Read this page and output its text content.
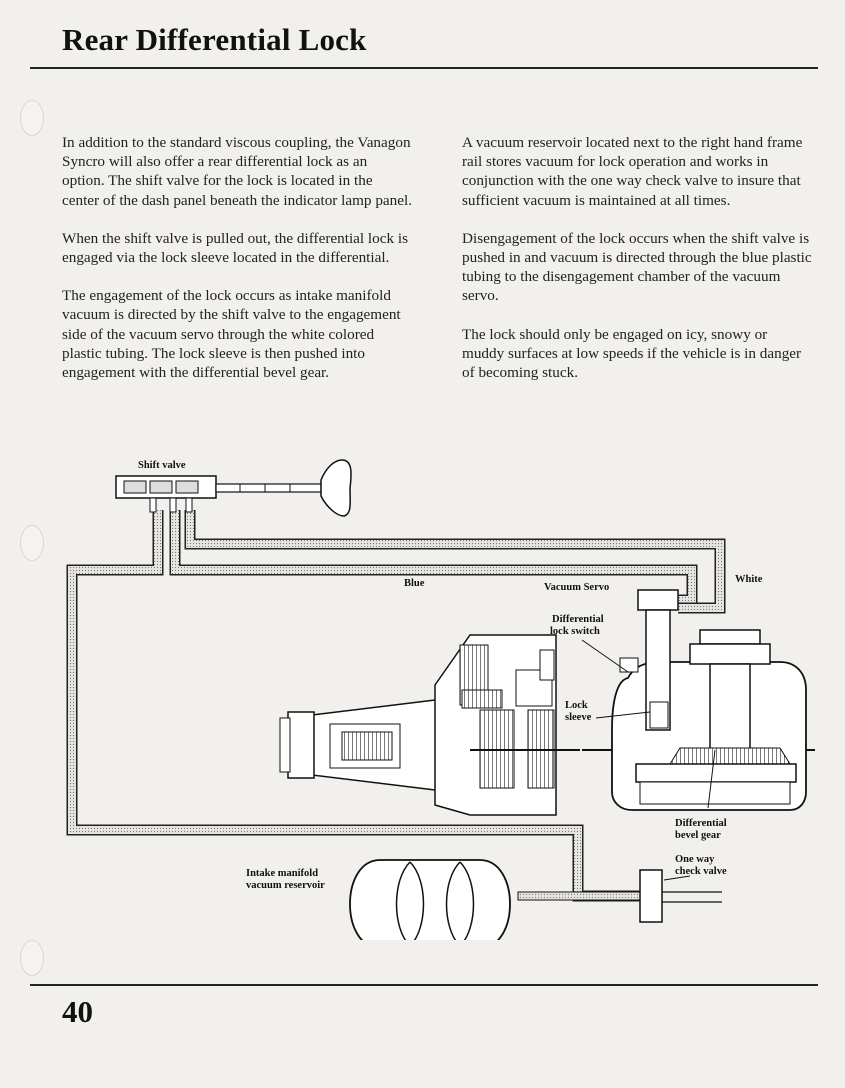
Rear Differential Lock

In addition to the standard viscous coupling, the Vanagon Syncro will also offer a rear differential lock as an option. The shift valve for the lock is located in the center of the dash panel beneath the indicator lamp panel.

When the shift valve is pulled out, the differential lock is engaged via the lock sleeve located in the differential.

The engagement of the lock occurs as intake manifold vacuum is directed by the shift valve to the engagement side of the vacuum servo through the white colored plastic tubing. The lock sleeve is then pushed into engagement with the differential bevel gear.

A vacuum reservoir located next to the right hand frame rail stores vacuum for lock operation and works in conjunction with the one way check valve to insure that sufficient vacuum is maintained at all times.

Disengagement of the lock occurs when the shift valve is pushed in and vacuum is directed through the blue plastic tubing to the disengagement chamber of the vacuum servo.

The lock should only be engaged on icy, snowy or muddy surfaces at low speeds if the vehicle is in danger of becoming stuck.

Shift valve
Blue	Vacuum Servo
White
Differential
lock switch
Lock
sleeve
Differential
bevel gear
One way
check valve
Intake manifold
vacuum reservoir
40
